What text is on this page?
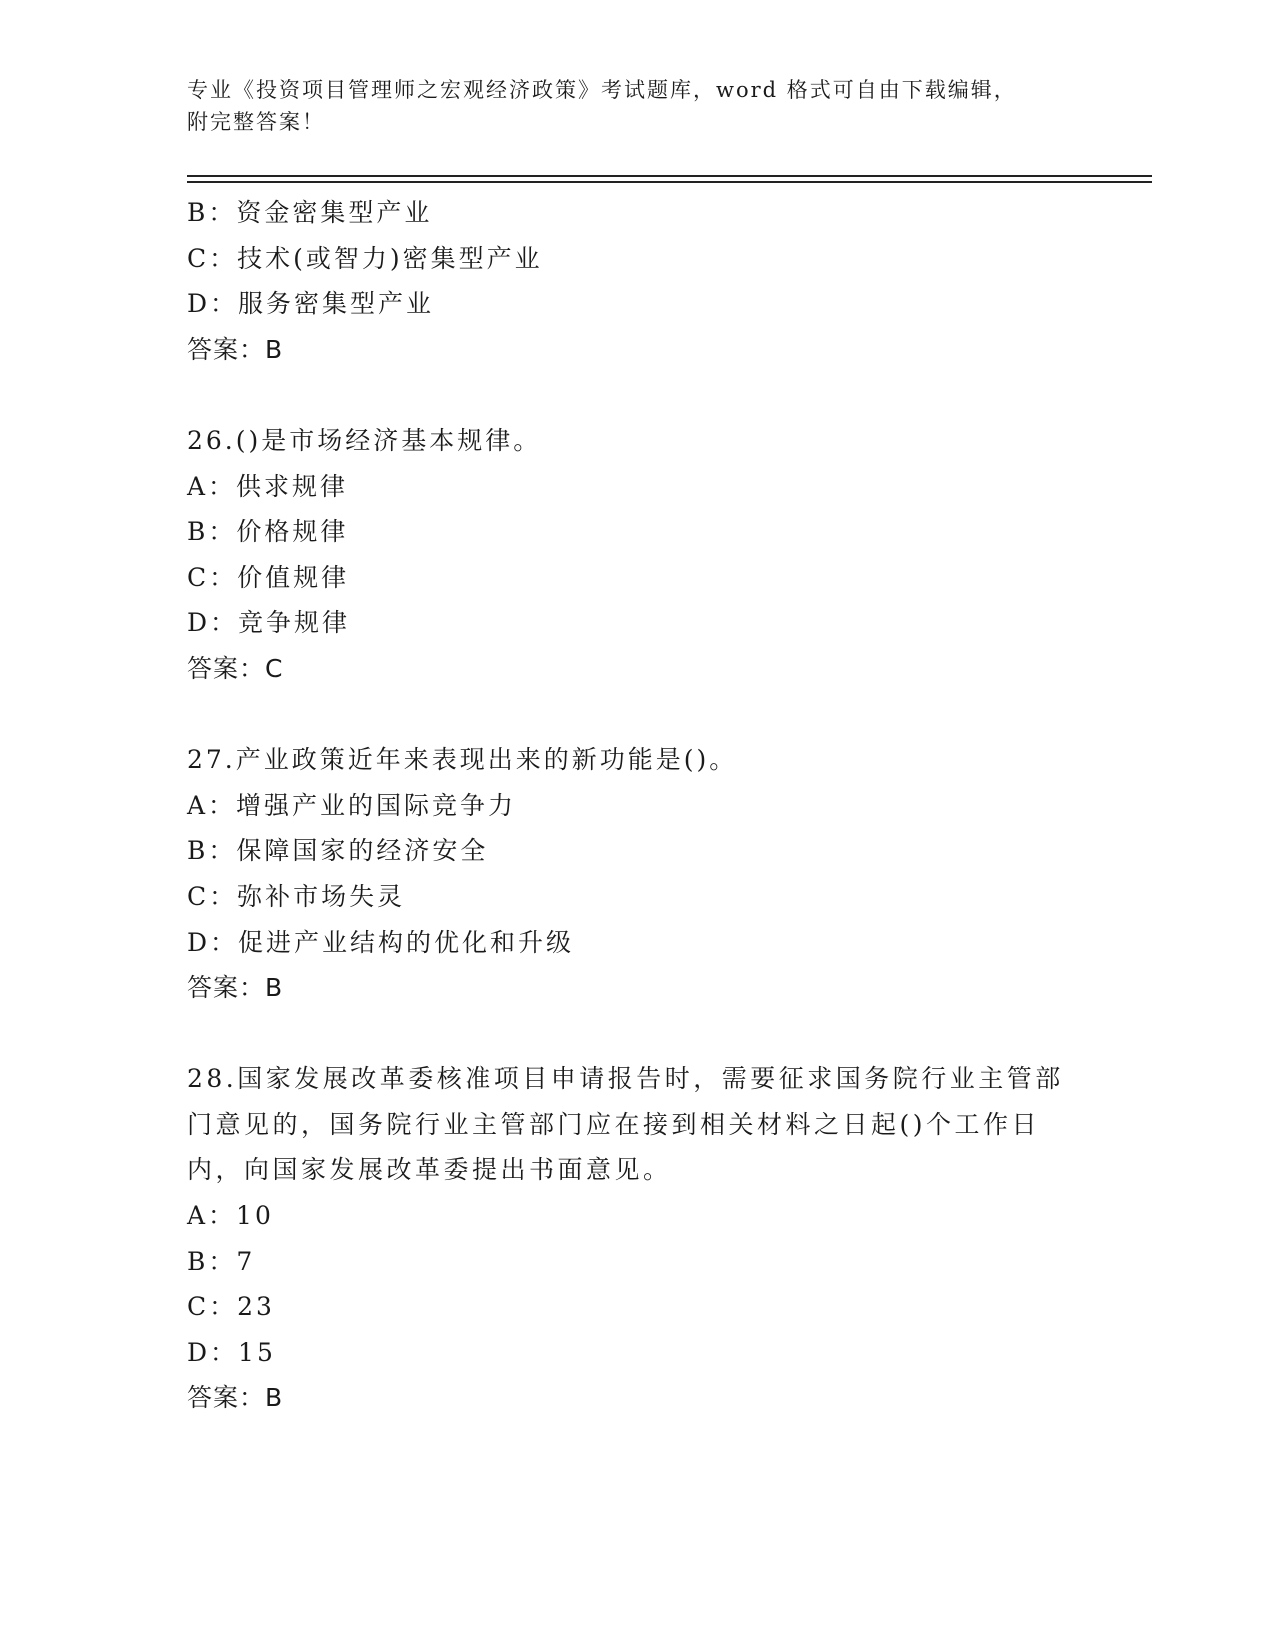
专业《投资项目管理师之宏观经济政策》考试题库，word 格式可自由下载编辑，
附完整答案！
B：资金密集型产业
C：技术(或智力)密集型产业
D：服务密集型产业
答案：B
26.()是市场经济基本规律。
A：供求规律
B：价格规律
C：价值规律
D：竞争规律
答案：C
27.产业政策近年来表现出来的新功能是()。
A：增强产业的国际竞争力
B：保障国家的经济安全
C：弥补市场失灵
D：促进产业结构的优化和升级
答案：B
28.国家发展改革委核准项目申请报告时，需要征求国务院行业主管部
门意见的，国务院行业主管部门应在接到相关材料之日起()个工作日
内，向国家发展改革委提出书面意见。
A：10
B：7
C：23
D：15
答案：B
